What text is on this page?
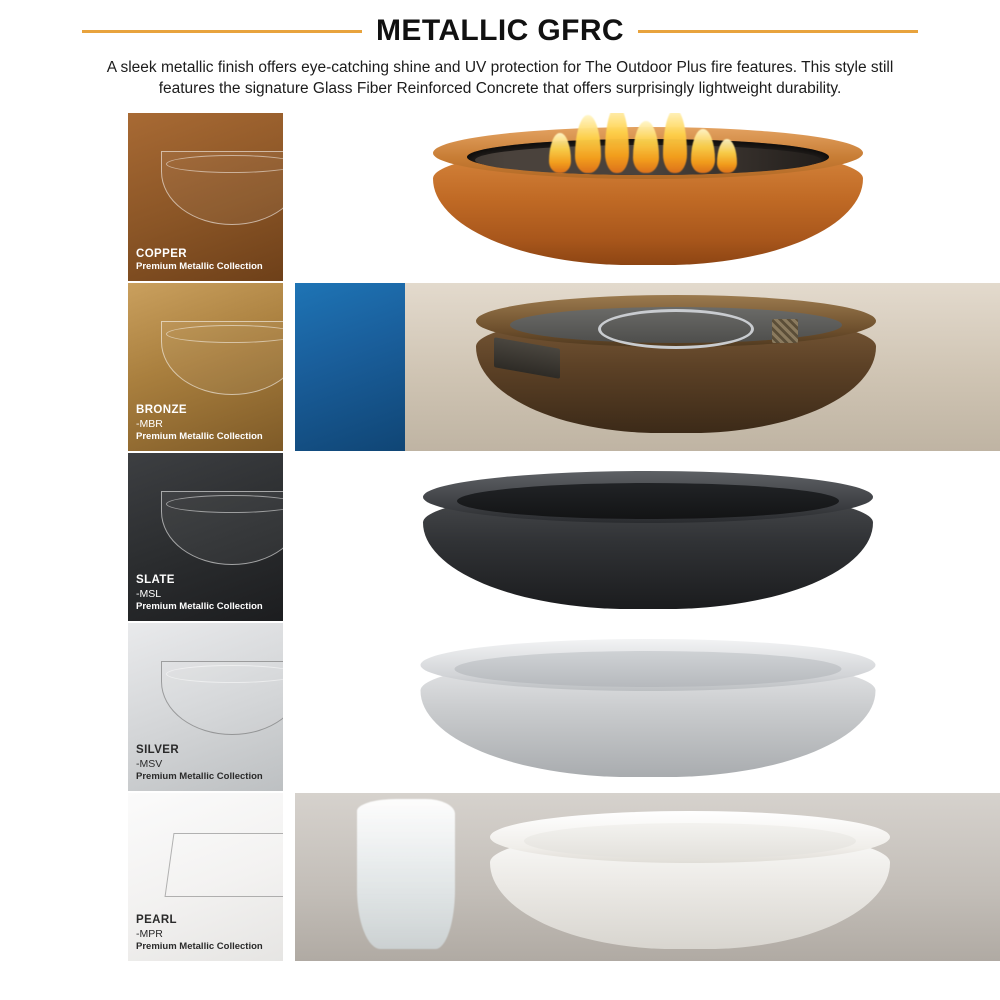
METALLIC GFRC
A sleek metallic finish offers eye-catching shine and UV protection for The Outdoor Plus fire features. This style still features the signature Glass Fiber Reinforced Concrete that offers surprisingly lightweight durability.
COPPER
Premium Metallic Collection
BRONZE
-MBR
Premium Metallic Collection
SLATE
-MSL
Premium Metallic Collection
SILVER
-MSV
Premium Metallic Collection
PEARL
-MPR
Premium Metallic Collection
